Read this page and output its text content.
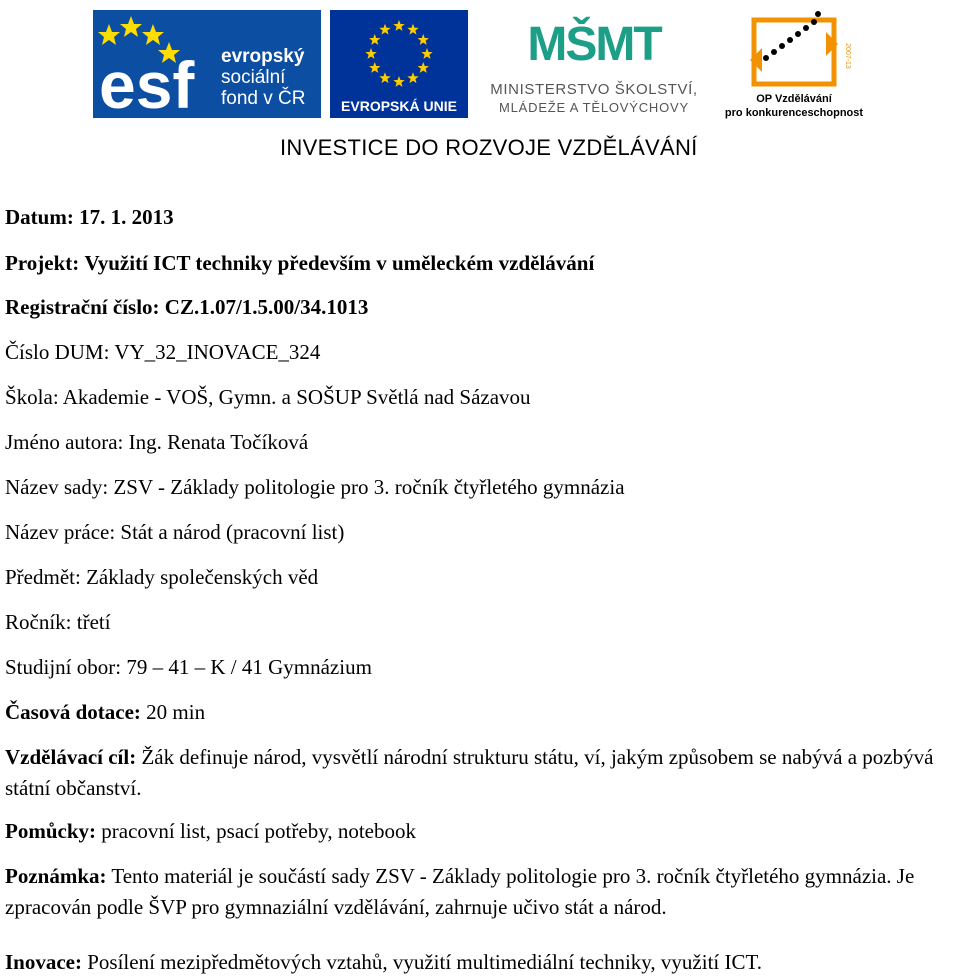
esf evropský
sociální
fond v ČR	EVROPSKÁ UNIE
MŠMT
MINISTERSTVO ŠKOLSTVÍ,
MLÁDEŽE A TĚLOVÝCHOVY
2007-13
OP Vzdělávání
pro konkurenceschopnost
INVESTICE DO ROZVOJE VZDĚLÁVÁNÍ
Datum: 17. 1. 2013
Projekt: Využití ICT techniky především v uměleckém vzdělávání
Registrační číslo: CZ.1.07/1.5.00/34.1013
Číslo DUM: VY_32_INOVACE_324
Škola: Akademie - VOŠ, Gymn. a SOŠUP Světlá nad Sázavou
Jméno autora: Ing. Renata Točíková
Název sady: ZSV - Základy politologie pro 3. ročník čtyřletého gymnázia
Název práce: Stát a národ (pracovní list)
Předmět: Základy společenských věd
Ročník: třetí
Studijní obor: 79 – 41 – K / 41 Gymnázium
Časová dotace: 20 min
Vzdělávací cíl: Žák definuje národ, vysvětlí národní strukturu státu, ví, jakým způsobem se nabývá a pozbývá státní občanství.
Pomůcky: pracovní list, psací potřeby, notebook
Poznámka: Tento materiál je součástí sady ZSV - Základy politologie pro 3. ročník čtyřletého gymnázia. Je zpracován podle ŠVP pro gymnaziální vzdělávání, zahrnuje učivo stát a národ.
Inovace: Posílení mezipředmětových vztahů, využití multimediální techniky, využití ICT.
